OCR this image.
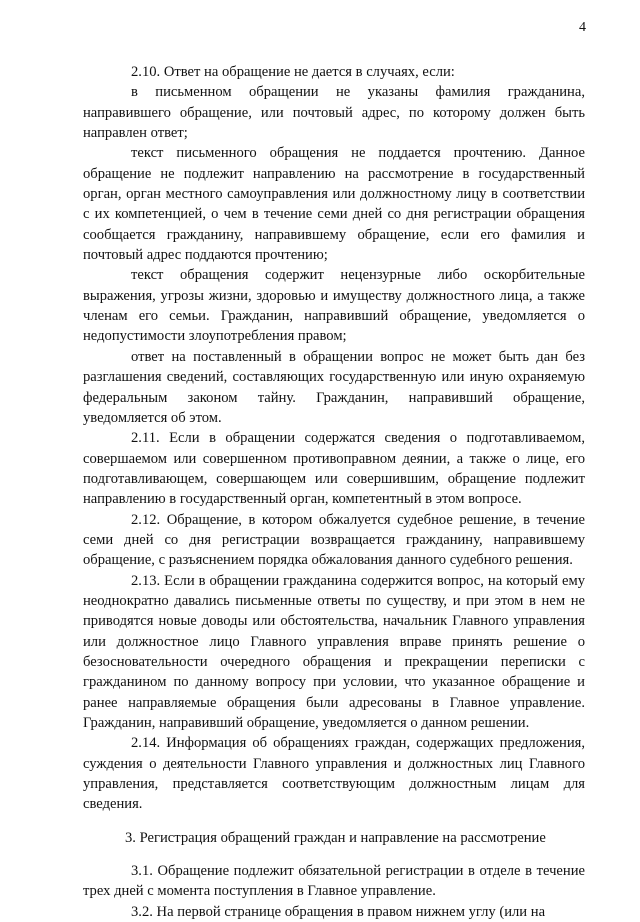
4

2.10. Ответ на обращение не дается в случаях, если:

в письменном обращении не указаны фамилия гражданина, направившего обращение, или почтовый адрес, по которому должен быть направлен ответ;

текст письменного обращения не поддается прочтению. Данное обращение не подлежит направлению на рассмотрение в государственный орган, орган местного самоуправления или должностному лицу в соответствии с их компетенцией, о чем в течение семи дней со дня регистрации обращения сообщается гражданину, направившему обращение, если его фамилия и почтовый адрес поддаются прочтению;

текст обращения содержит нецензурные либо оскорбительные выражения, угрозы жизни, здоровью и имуществу должностного лица, а также членам его семьи. Гражданин, направивший обращение, уведомляется о недопустимости злоупотребления правом;

ответ на поставленный в обращении вопрос не может быть дан без разглашения сведений, составляющих государственную или иную охраняемую федеральным законом тайну. Гражданин, направивший обращение, уведомляется об этом.

2.11. Если в обращении содержатся сведения о подготавливаемом, совершаемом или совершенном противоправном деянии, а также о лице, его подготавливающем, совершающем или совершившим, обращение подлежит направлению в государственный орган, компетентный в этом вопросе.

2.12. Обращение, в котором обжалуется судебное решение, в течение семи дней со дня регистрации возвращается гражданину, направившему обращение, с разъяснением порядка обжалования данного судебного решения.

2.13. Если в обращении гражданина содержится вопрос, на который ему неоднократно давались письменные ответы по существу, и при этом в нем не приводятся новые доводы или обстоятельства, начальник Главного управления или должностное лицо Главного управления вправе принять решение о безосновательности очередного обращения и прекращении переписки с гражданином по данному вопросу при условии, что указанное обращение и ранее направляемые обращения были адресованы в Главное управление. Гражданин, направивший обращение, уведомляется о данном решении.

2.14. Информация об обращениях граждан, содержащих предложения, суждения о деятельности Главного управления и должностных лиц Главного управления, представляется соответствующим должностным лицам для сведения.

3. Регистрация обращений граждан и направление на рассмотрение

3.1. Обращение подлежит обязательной регистрации в отделе в течение трех дней с момента поступления в Главное управление.

3.2. На первой странице обращения в правом нижнем углу (или на
